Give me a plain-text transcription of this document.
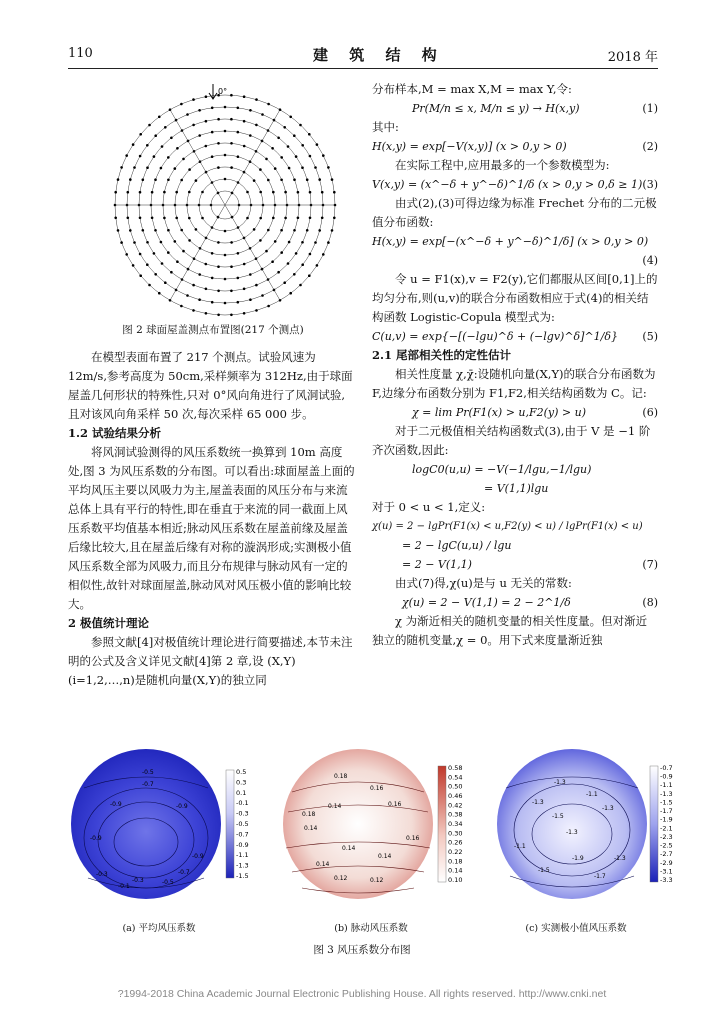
110	建 筑 结 构	2018 年
0°
图 2 球面屋盖测点布置图(217 个测点)

在模型表面布置了 217 个测点。试验风速为 12m/s,参考高度为 50cm,采样频率为 312Hz,由于球面屋盖几何形状的特殊性,只对 0°风向角进行了风洞试验,且对该风向角采样 50 次,每次采样 65 000 步。

1.2 试验结果分析

将风洞试验测得的风压系数统一换算到 10m 高度处,图 3 为风压系数的分布图。可以看出:球面屋盖上面的平均风压主要以风吸力为主,屋盖表面的风压分布与来流总体上具有平行的特性,即在垂直于来流的同一截面上风压系数平均值基本相近;脉动风压系数在屋盖前缘及屋盖后缘比较大,且在屋盖后缘有对称的漩涡形成;实测极小值风压系数全部为风吸力,而且分布规律与脉动风有一定的相似性,故针对球面屋盖,脉动风对风压极小值的影响比较大。

2 极值统计理论

参照文献[4]对极值统计理论进行简要描述,本节未注明的公式及含义详见文献[4]第 2 章,设 (X,Y)(i=1,2,…,n)是随机向量(X,Y)的独立同

分布样本,M = max X,M = max Y,令:

Pr(M/n ≤ x, M/n ≤ y) → H(x,y)	(1)

其中:

H(x,y) = exp[−V(x,y)] (x > 0,y > 0)	(2)

在实际工程中,应用最多的一个参数模型为:

V(x,y) = (x^−δ + y^−δ)^1/δ (x > 0,y > 0,δ ≥ 1) (3)

由式(2),(3)可得边缘为标准 Frechet 分布的二元极值分布函数:

H(x,y) = exp[−(x^−δ + y^−δ)^1/δ] (x > 0,y > 0)
(4)

令 u = F1(x),v = F2(y),它们都服从区间[0,1]上的均匀分布,则(u,v)的联合分布函数相应于式(4)的相关结构函数 Logistic-Copula 模型式为:

C(u,v) = exp{−[(−lgu)^δ + (−lgv)^δ]^1/δ} (5)

2.1 尾部相关性的定性估计

相关性度量 χ,χ̄:设随机向量(X,Y)的联合分布函数为 F,边缘分布函数分别为 F1,F2,相关结构函数为 C。记:

χ = lim Pr(F1(x) > u,F2(y) > u)	(6)

对于二元极值相关结构函数式(3),由于 V 是 −1 阶齐次函数,因此:

logC0(u,u) = −V(−1/lgu,−1/lgu)
= V(1,1)lgu

对于 0 < u < 1,定义:

χ(u) = 2 − lgPr(F1(x) < u,F2(y) < u) / lgPr(F1(x) < u)
= 2 − lgC(u,u) / lgu
= 2 − V(1,1)	(7)

由式(7)得,χ(u)是与 u 无关的常数:

χ(u) = 2 − V(1,1) = 2 − 2^1/δ	(8)

χ 为渐近相关的随机变量的相关性度量。但对渐近独立的随机变量,χ = 0。用下式来度量渐近独

-0.5
-0.7
-0.9	-0.9
-0.9
-0.3
-0.1
-0.3	-0.5
-0.7
-0.9
0.5
0.3
0.1
-0.1
-0.3
-0.5
-0.7
-0.9
-1.1
-1.3
-1.5
0.18
0.16
0.14	0.16
0.14
0.14
0.14
0.14
0.12	0.12
0.18
0.16
0.58
0.54
0.50
0.46
0.42
0.38
0.34
0.30
0.26
0.22
0.18
0.14
0.10
-1.3
-1.1
-1.3
-1.3
-1.5
-1.3
-1.1
-1.3
-1.5
-1.7
-1.9
-0.7
-0.9
-1.1
-1.3
-1.5
-1.7
-1.9
-2.1
-2.3
-2.5
-2.7
-2.9
-3.1
-3.3
(a) 平均风压系数	(b) 脉动风压系数	(c) 实测极小值风压系数
图 3 风压系数分布图
?1994-2018 China Academic Journal Electronic Publishing House. All rights reserved. http://www.cnki.net
